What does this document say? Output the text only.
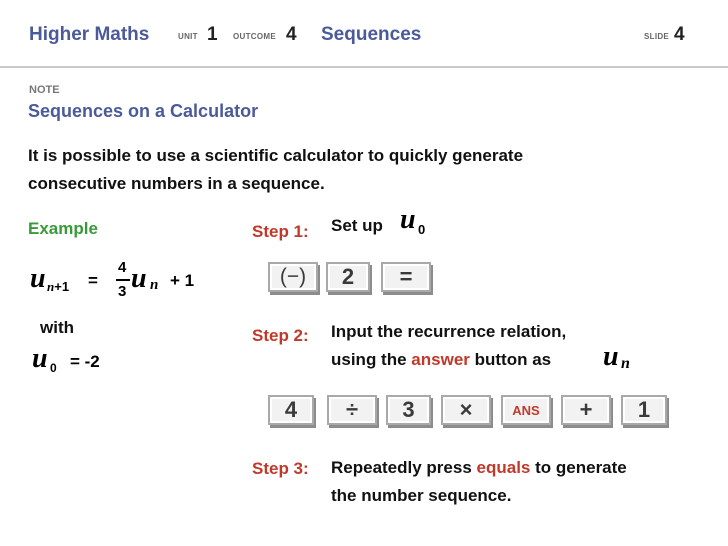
Higher Maths	UNIT 1 OUTCOME 4 Sequences	SLIDE 4
NOTE
Sequences on a Calculator
It is possible to use a scientific calculator to quickly generate
consecutive numbers in a sequence.
Example
u n+1 =
4
3 u n + 1
with
u 0 = -2
Step 1: Set up u 0
(−) 2 =
Step 2: Input the recurrence relation,
using the answer button as	u n
4 ÷ 3 ×	ANS + 1
Step 3: Repeatedly press equals to generate
the number sequence.
